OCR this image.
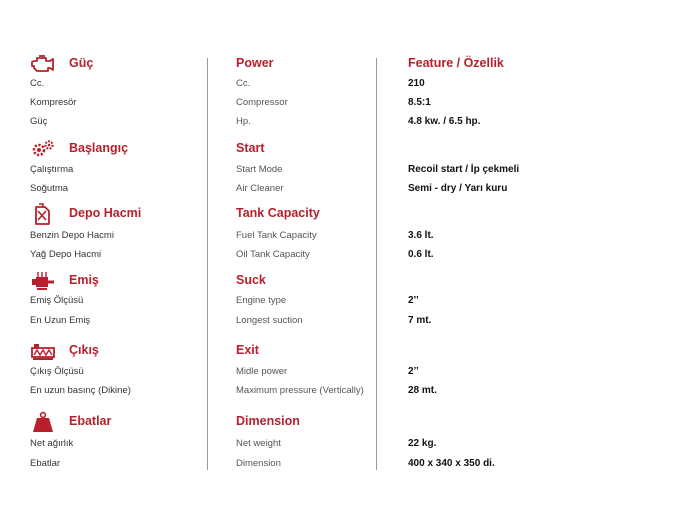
Güç	Power	Feature / Özellik
Cc.	Cc.	210
Kompresör	Compressor	8.5:1
Güç	Hp.	4.8 kw. / 6.5 hp.
Başlangıç	Start
Çalıştırma	Start Mode	Recoil start / İp çekmeli
Soğutma	Air Cleaner	Semi - dry / Yarı kuru
Depo Hacmi	Tank Capacity
Benzin Depo Hacmi	Fuel Tank Capacity	3.6 lt.
Yağ Depo Hacmi	Oil Tank Capacity	0.6 lt.
Emiş	Suck
Emiş Ölçüsü	Engine type	2’’
En Uzun Emiş	Longest suction	7 mt.
Çıkış	Exit
Çıkış Ölçüsü	Midle power	2’’
En uzun basınç (Dikine)	Maximum pressure (Vertically)	28 mt.
Ebatlar	Dimension
Net ağırlık	Net weight	22 kg.
Ebatlar	Dimension	400 x 340 x 350 di.
